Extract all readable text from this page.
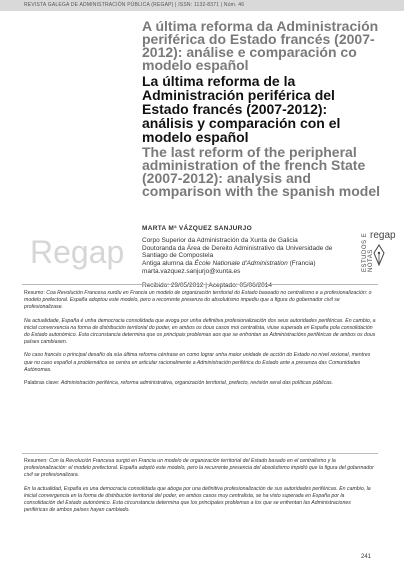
REVISTA GALEGA DE ADMINISTRACIÓN PÚBLICA (REGAP) | ISSN: 1132-8371 | Núm. 46
A última reforma da Administración periférica do Estado francés (2007-2012): análise e comparación co modelo español
La última reforma de la Administración periférica del Estado francés (2007-2012): análisis y comparación con el modelo español
The last reform of the peripheral administration of the french State (2007-2012): analysis and comparison with the spanish model
Regap	regap
ESTUDOS E NOTAS
MARTA Mª VÁZQUEZ SANJURJO
Corpo Superior da Administración da Xunta de Galicia
Doutoranda da Área de Dereito Administrativo da Universidade de
Santiago de Compostela
Antiga alumna da École Nationale d'Administration (Francia)
marta.vazquez.sanjurjo@xunta.es
Recibido: 29/05/2012 | Aceptado: 05/06/2014

Resumo: Coa Revolución Francesa xurdiu en Francia un modelo de organización territorial do Estado baseado no centralismo e a profesionalización: o modelo prefectoral. España adoptou este modelo, pero a recorrente presenza do absolutismo impediu que a figura do gobernador civil se profesionalizase.

Na actualidade, España é unha democracia consolidada que avoga por unha definitiva profesionalización dos seus autoridades periféricas. En cambio, a inicial converxencia na forma de distribución territorial do poder, en ambos os dous casos moi centralista, viuse superada en España pola consolidación do Estado autonómico. Esta circunstancia determina que os principais problemas aos que se enfrontan as Administracións periféricas de ambos os dous países cambiasen.

No caso francés o principal desafío da súa última reforma céntrase en como lograr unha maior unidade de acción do Estado no nivel rexional, mentres que no caso español a problemática se centra en articular racionalmente a Administración periférica do Estado ante a presenza das Comunidades Autónomas.

Palabras clave: Administración periférica, reforma administrativa, organización territorial, prefecto, revisión xeral das políticas públicas.

Resumen: Con la Revolución Francesa surgió en Francia un modelo de organización territorial del Estado basado en el centralismo y la profesionalización: el modelo prefectoral. España adoptó este modelo, pero la recurrente presencia del absolutismo impidió que la figura del gobernador civil se profesionalizara.

En la actualidad, España es una democracia consolidada que aboga por una definitiva profesionalización de sus autoridades periféricas. En cambio, la inicial convergencia en la forma de distribución territorial del poder, en ambos casos muy centralista, se ha visto superada en España por la consolidación del Estado autonómico. Esta circunstancia determina que los principales problemas a los que se enfrentan las Administraciones periféricas de ambos países hayan cambiado.

241
